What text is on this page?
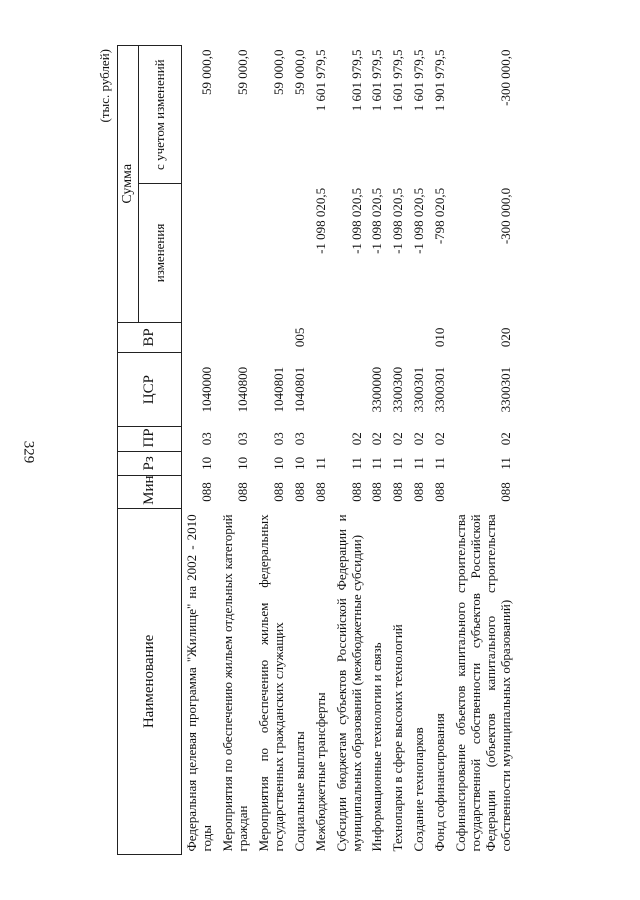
329
(тыс. рублей)
Наименование	Мин	Рз	ПР	ЦСР	ВР	Сумма	
						изменения	с учетом изменений
Федеральная целевая программа "Жилище" на 2002 - 2010 годы	088	10	03	1040000			59 000,0
Мероприятия по обеспечению жильем отдельных категорий граждан	088	10	03	1040800			59 000,0
Мероприятия по обеспечению жильем федеральных государственных гражданских служащих	088	10	03	1040801			59 000,0
Социальные выплаты	088	10	03	1040801	005		59 000,0
Межбюджетные трансферты	088	11				-1 098 020,5	1 601 979,5
Субсидии бюджетам субъектов Российской Федерации и муниципальных образований (межбюджетные субсидии)	088	11	02			-1 098 020,5	1 601 979,5
Информационные технологии и связь	088	11	02	3300000		-1 098 020,5	1 601 979,5
Технопарки в сфере высоких технологий	088	11	02	3300300		-1 098 020,5	1 601 979,5
Создание технопарков	088	11	02	3300301		-1 098 020,5	1 601 979,5
Фонд софинансирования	088	11	02	3300301	010	-798 020,5	1 901 979,5
Софинансирование объектов капитального строительства государственной собственности субъектов Российской Федерации (объектов капитального строительства собственности муниципальных образований)	088	11	02	3300301	020	-300 000,0	-300 000,0
